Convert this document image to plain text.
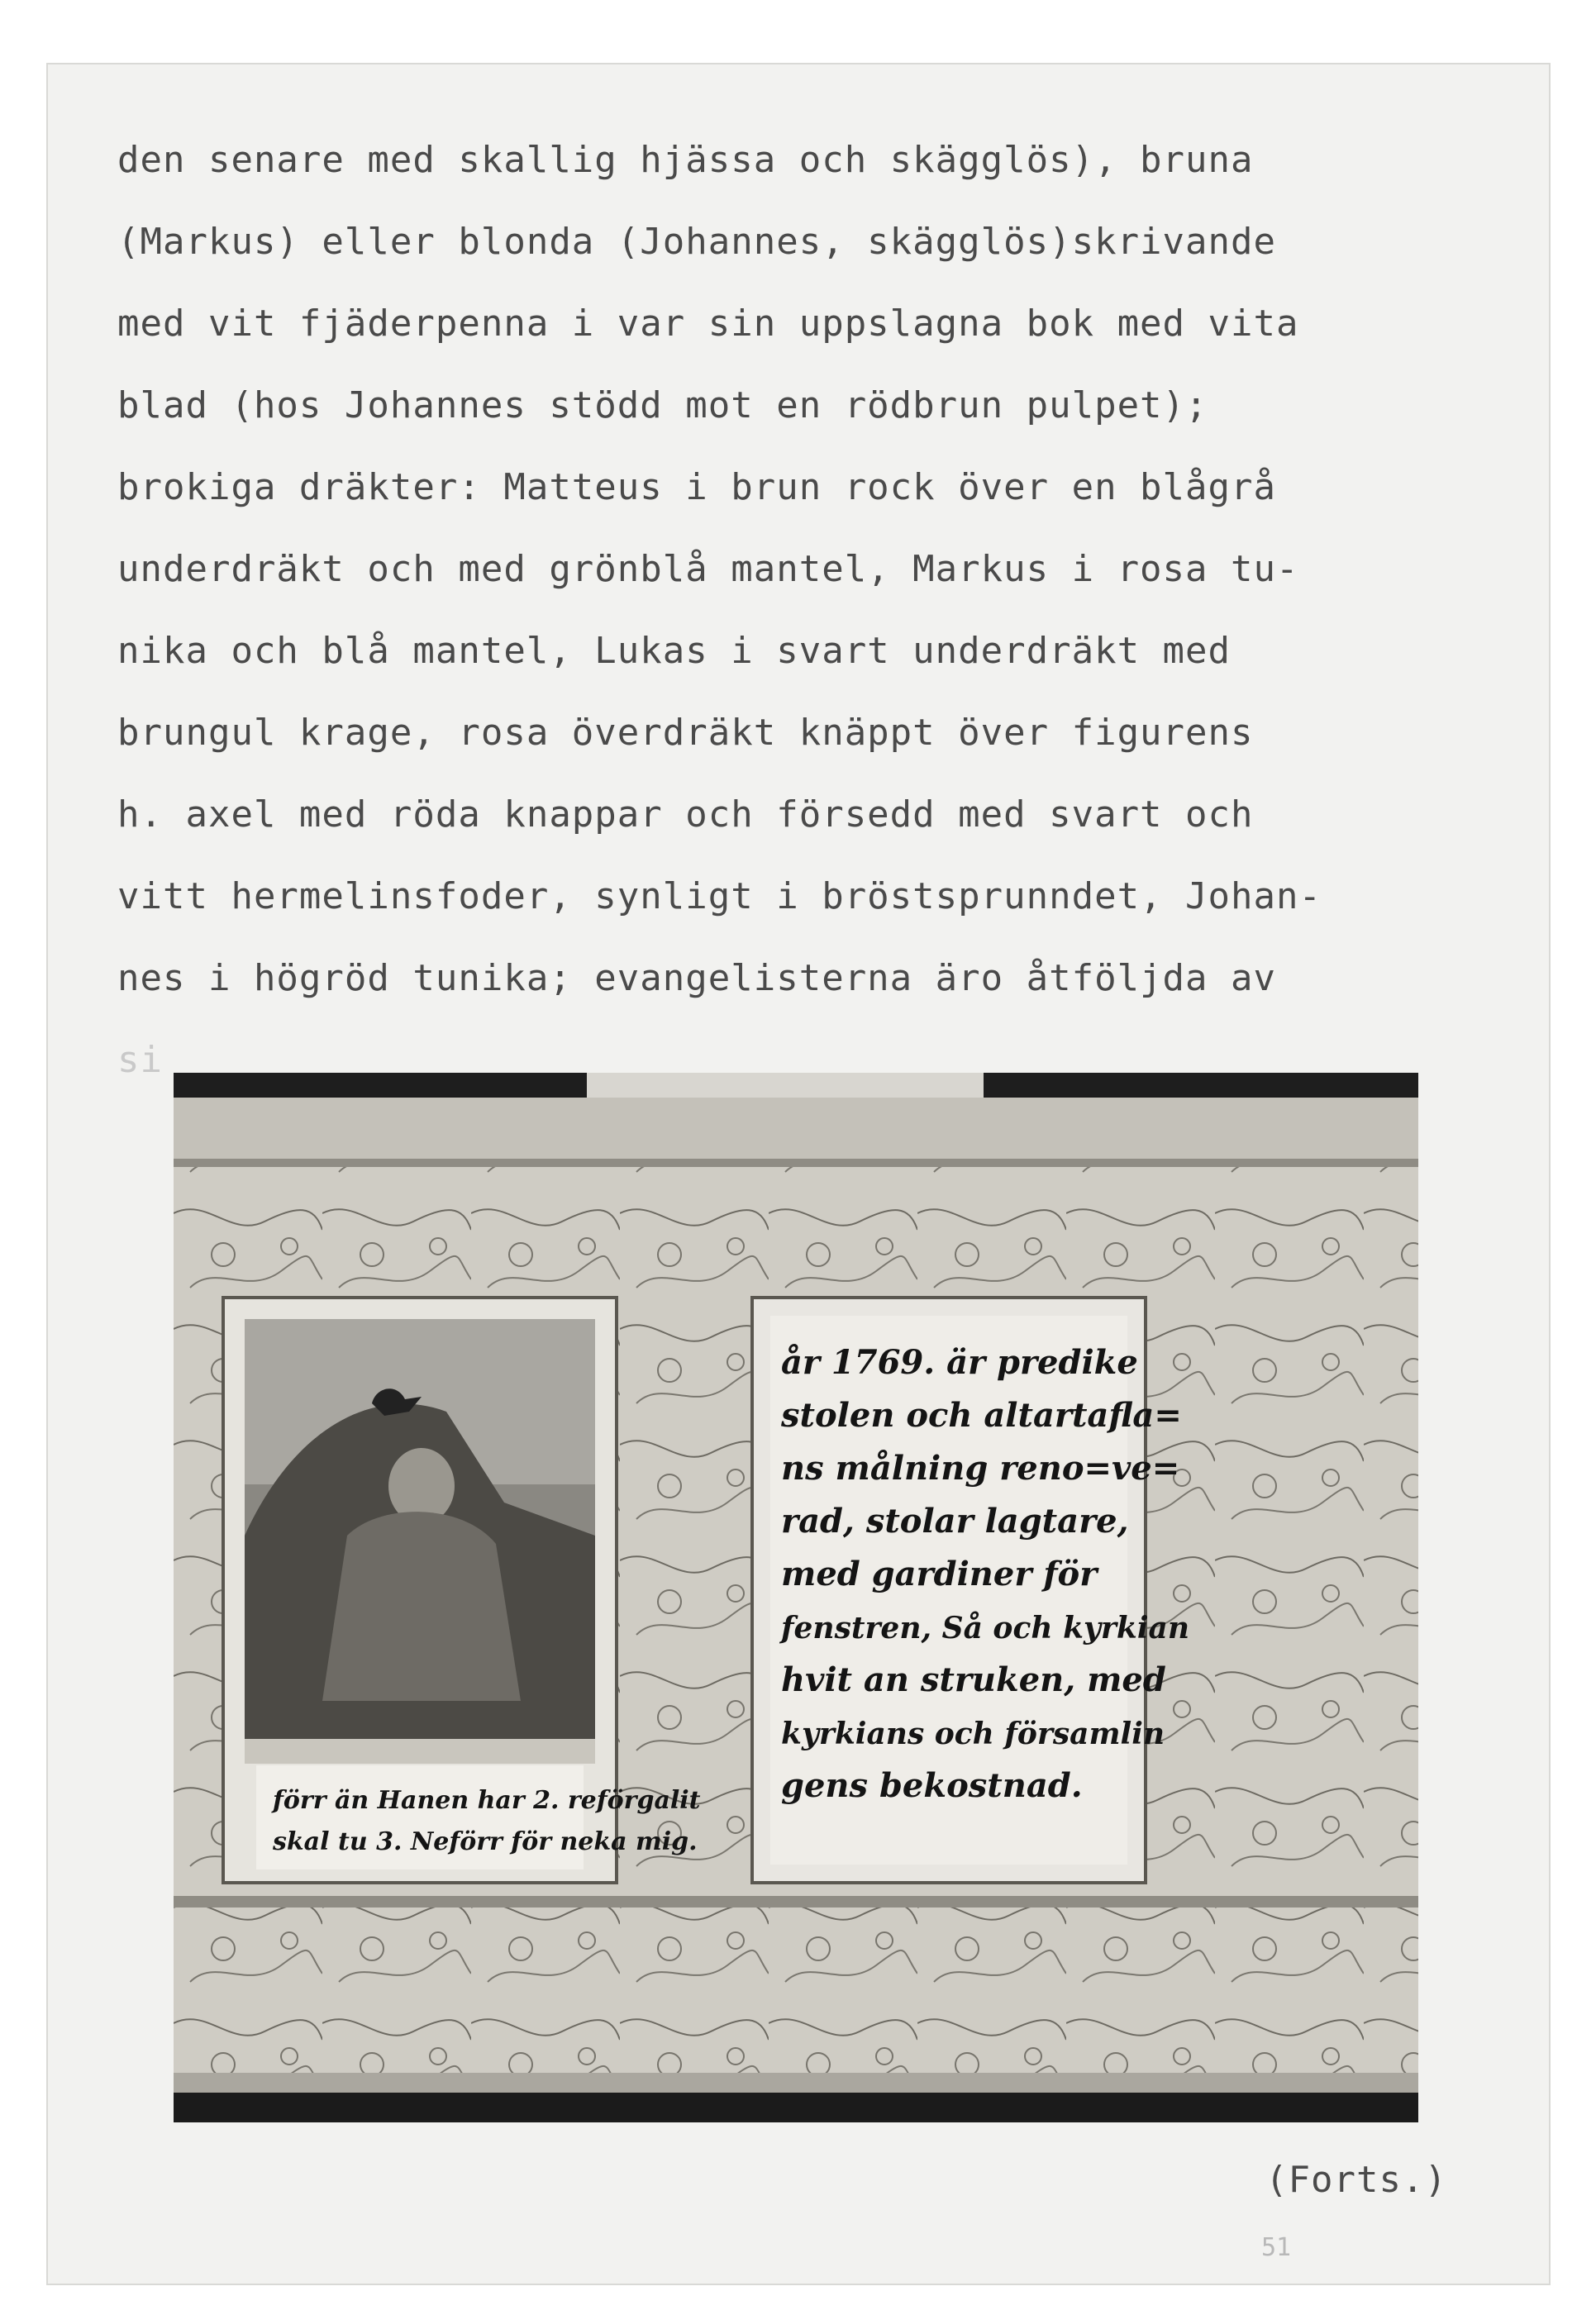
den senare med skallig hjässa och skägglös), bruna
(Markus) eller blonda (Johannes, skägglös)skrivande
med vit fjäderpenna i var sin uppslagna bok med vita
blad (hos Johannes stödd mot en rödbrun pulpet);
brokiga dräkter: Matteus i brun rock över en blågrå
underdräkt och med grönblå mantel, Markus i rosa tu-
nika och blå mantel, Lukas i svart underdräkt med
brungul krage, rosa överdräkt knäppt över figurens
h. axel med röda knappar och försedd med svart och
vitt hermelinsfoder, synligt i bröstsprunndet, Johan-
nes i högröd tunika; evangelisterna äro åtföljda av
si
förr än Hanen har 2. reförgalit
skal tu 3. Neförr för neka mig.
år 1769. är predike
stolen och altartafla=
ns målning reno=ve=
rad, stolar lagtare,
med gardiner för
fenstren, Så och kyrkian
hvit an struken, med
kyrkians och församlin
gens bekostnad.
(Forts.)
51
